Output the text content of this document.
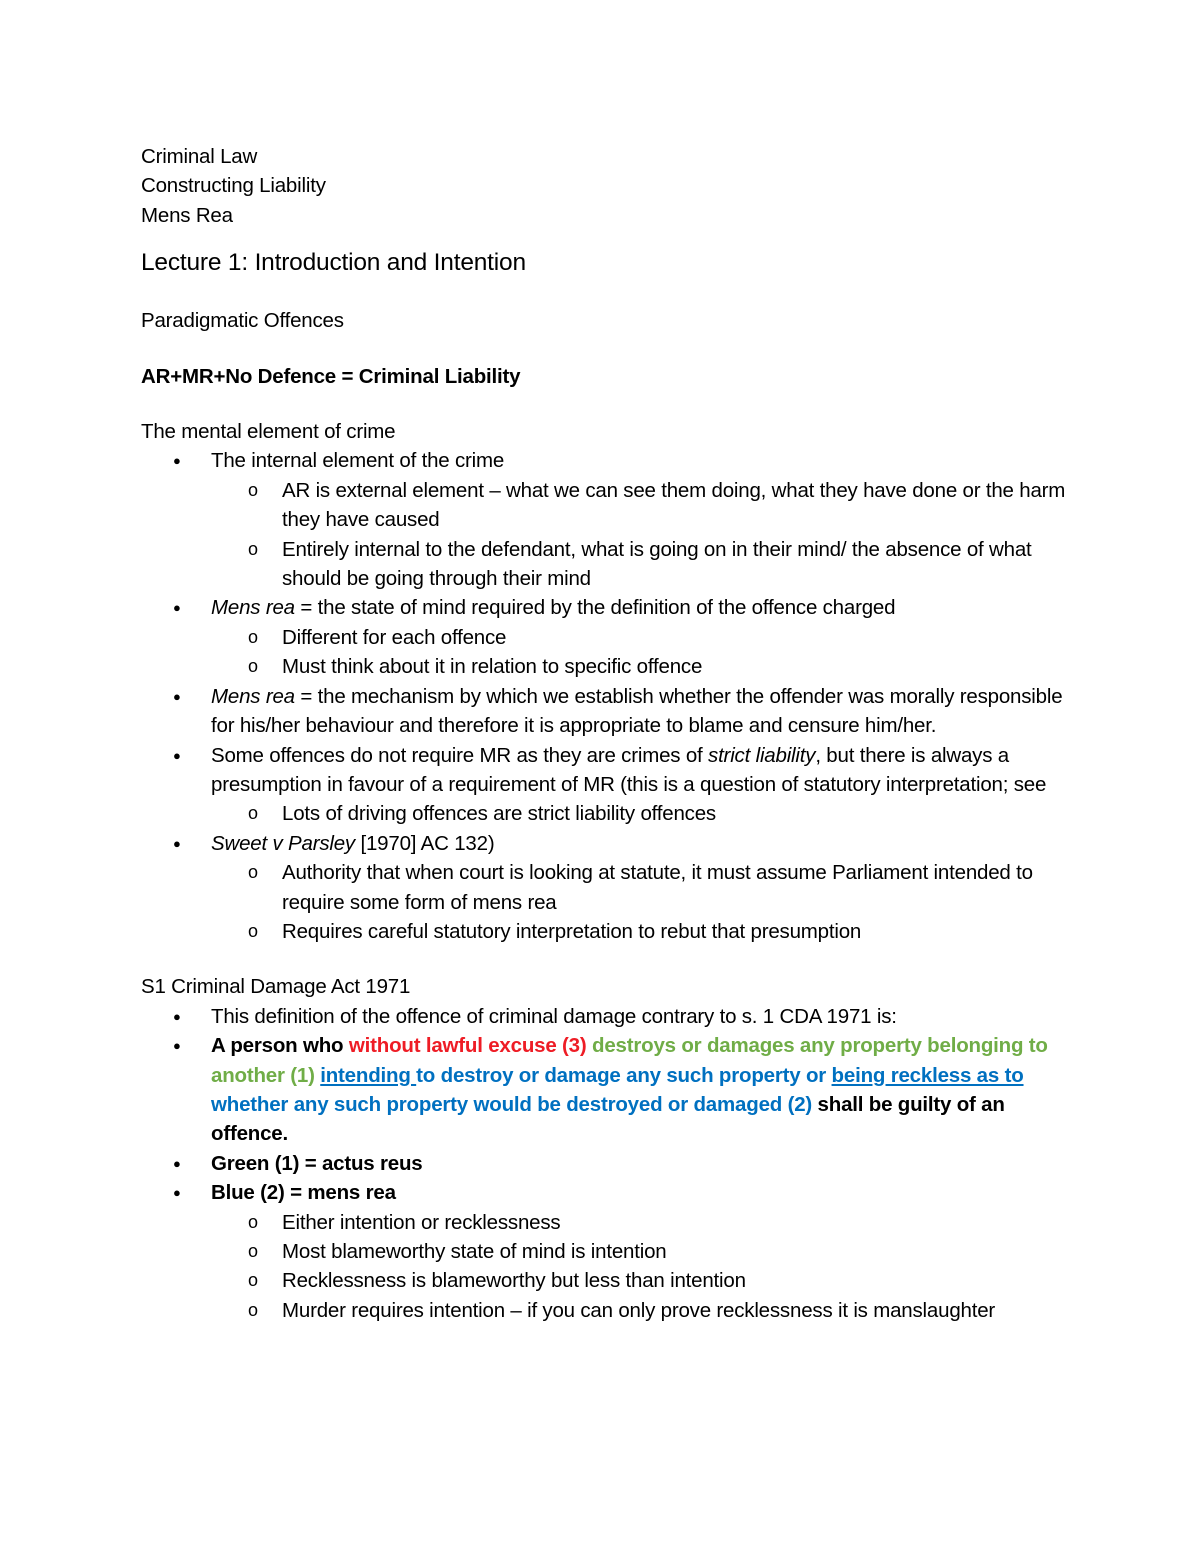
Criminal Law

Constructing Liability

Mens Rea

Lecture 1: Introduction and Intention

Paradigmatic Offences

AR+MR+No Defence = Criminal Liability

The mental element of crime

● The internal element of the crime
o AR is external element – what we can see them doing, what they have done or the harm they have caused
o Entirely internal to the defendant, what is going on in their mind/ the absence of what should be going through their mind
● Mens rea = the state of mind required by the definition of the offence charged
o Different for each offence
o Must think about it in relation to specific offence
● Mens rea = the mechanism by which we establish whether the offender was morally responsible for his/her behaviour and therefore it is appropriate to blame and censure him/her.
● Some offences do not require MR as they are crimes of strict liability, but there is always a presumption in favour of a requirement of MR (this is a question of statutory interpretation; see
o Lots of driving offences are strict liability offences
● Sweet v Parsley [1970] AC 132)
o Authority that when court is looking at statute, it must assume Parliament intended to require some form of mens rea
o Requires careful statutory interpretation to rebut that presumption

S1 Criminal Damage Act 1971

● This definition of the offence of criminal damage contrary to s. 1 CDA 1971 is:
● A person who without lawful excuse (3) destroys or damages any property belonging to another (1) intending to destroy or damage any such property or being reckless as to whether any such property would be destroyed or damaged (2) shall be guilty of an offence.
● Green (1) = actus reus
● Blue (2) = mens rea
o Either intention or recklessness
o Most blameworthy state of mind is intention
o Recklessness is blameworthy but less than intention
o Murder requires intention – if you can only prove recklessness it is manslaughter
